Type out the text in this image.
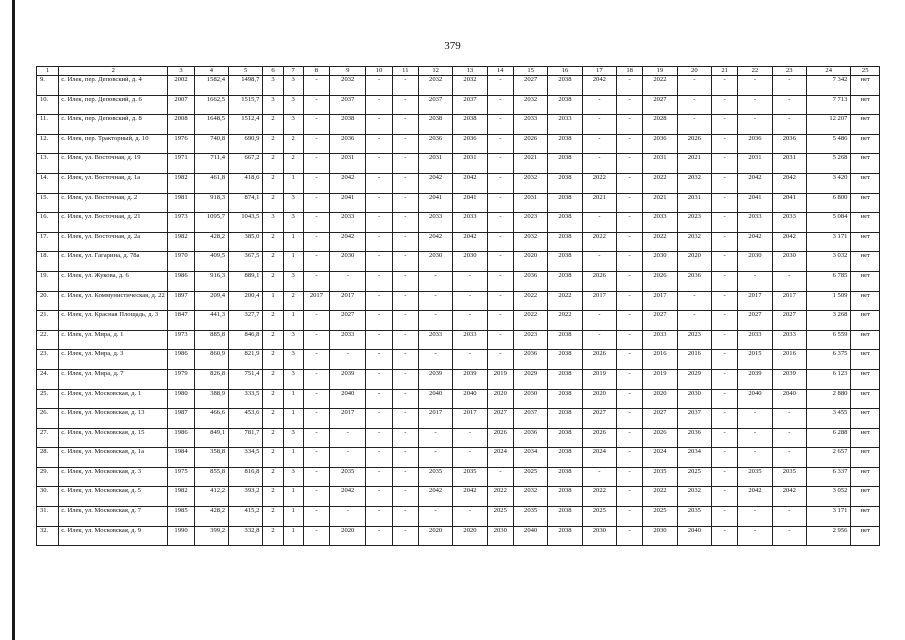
379
1	2	3	4	5	6	7	8	9	10	11	12	13	14	15	16	17	18	19	20	21	22	23	24	25
9.	с. Илек, пер. Деповский, д. 4	2002	1582,4	1498,7	3	3	-	2032	-	-	2032	2032	-	2027	2038	2042	-	2022	-	-	-	-	7 342	нет
10.	с. Илек, пер. Деповский, д. 6	2007	1662,5	1515,7	3	3	-	2037	-	-	2037	2037	-	2032	2038	-	-	2027	-	-	-	-	7 713	нет
11.	с. Илек, пер. Деповский, д. 8	2008	1648,5	1512,4	2	3	-	2038	-	-	2038	2038	-	2033	2033	-	-	2028	-	-	-	-	12 207	нет
12.	с. Илек, пер. Тракторный, д. 10	1976	740,8	690,9	2	2	-	2036	-	-	2036	2036	-	2026	2038	-	-	2036	2026	-	2036	2036	5 486	нет
13.	с. Илек, ул. Восточная, д. 19	1971	711,4	667,2	2	2	-	2031	-	-	2031	2031	-	2021	2038	-	-	2031	2021	-	2031	2031	5 268	нет
14.	с. Илек, ул. Восточная, д. 1а	1982	461,8	418,6	2	1	-	2042	-	-	2042	2042	-	2032	2038	2022	-	2022	2032	-	2042	2042	3 420	нет
15.	с. Илек, ул. Восточная, д. 2	1981	918,3	874,1	2	3	-	2041	-	-	2041	2041	-	2031	2038	2021	-	2021	2031	-	2041	2041	6 800	нет
16.	с. Илек, ул. Восточная, д. 21	1973	1095,7	1043,5	3	3	-	2033	-	-	2033	2033	-	2023	2038	-	-	2033	2023	-	2033	2033	5 084	нет
17.	с. Илек, ул. Восточная, д. 2а	1982	428,2	385,0	2	1	-	2042	-	-	2042	2042	-	2032	2038	2022	-	2022	2032	-	2042	2042	3 171	нет
18.	с. Илек, ул. Гагарина, д. 78а	1970	409,5	367,5	2	1	-	2030	-	-	2030	2030	-	2020	2038	-	-	2030	2020	-	2030	2030	3 032	нет
19.	с. Илек, ул. Жукова, д. 6	1986	916,3	889,1	2	3	-	-	-	-	-	-	-	2036	2038	2026	-	2026	2036	-	-	-	6 785	нет
20.	с. Илек, ул. Коммунистическая, д. 22	1897	209,4	200,4	1	2	2017	2017	-	-	-	-	-	2022	2022	2017	-	2017	-	-	2017	2017	1 509	нет
21.	с. Илек, ул. Красная Площадь, д. 3	1847	441,3	327,7	2	1	-	2027	-	-	-	-	-	2022	2022	-	-	2027	-	-	2027	2027	3 268	нет
22.	с. Илек, ул. Мира, д. 1	1973	885,8	846,8	2	3	-	2033	-	-	2033	2033	-	2023	2038	-	-	2033	2023	-	2033	2033	6 559	нет
23.	с. Илек, ул. Мира, д. 3	1986	860,9	821,9	2	3	-	-	-	-	-	-	-	2036	2038	2026	-	2016	2016	-	2015	2016	6 375	нет
24.	с. Илек, ул. Мира, д. 7	1979	826,8	751,4	2	3	-	2039	-	-	2039	2039	2019	2029	2038	2019	-	2019	2029	-	2039	2039	6 123	нет
25.	с. Илек, ул. Московская, д. 1	1980	388,9	333,5	2	1	-	2040	-	-	2040	2040	2020	2030	2038	2020	-	2020	2030	-	2040	2040	2 880	нет
26.	с. Илек, ул. Московская, д. 13	1987	466,6	453,6	2	1	-	2017	-	-	2017	2017	2027	2037	2038	2027	-	2027	2037	-	-	-	3 455	нет
27.	с. Илек, ул. Московская, д. 15	1986	849,1	781,7	2	3	-	-	-	-	-	-	2026	2036	2038	2026	-	2026	2036	-	-	-	6 288	нет
28.	с. Илек, ул. Московская, д. 1а	1984	358,8	334,5	2	1	-	-	-	-	-	-	2024	2034	2038	2024	-	2024	2034	-	-	-	2 657	нет
29.	с. Илек, ул. Московская, д. 3	1975	855,8	816,8	2	3	-	2035	-	-	2035	2035	-	2025	2038	-	-	2035	2025	-	2035	2035	6 337	нет
30.	с. Илек, ул. Московская, д. 5	1982	412,2	393,2	2	1	-	2042	-	-	2042	2042	2022	2032	2038	2022	-	2022	2032	-	2042	2042	3 052	нет
31.	с. Илек, ул. Московская, д. 7	1985	428,2	415,2	2	1	-	-	-	-	-	-	2025	2035	2038	2025	-	2025	2035	-	-	-	3 171	нет
32.	с. Илек, ул. Московская, д. 9	1990	399,2	332,8	2	1	-	2020	-	-	2020	2020	2030	2040	2038	2030	-	2030	2040	-	-	-	2 956	нет
